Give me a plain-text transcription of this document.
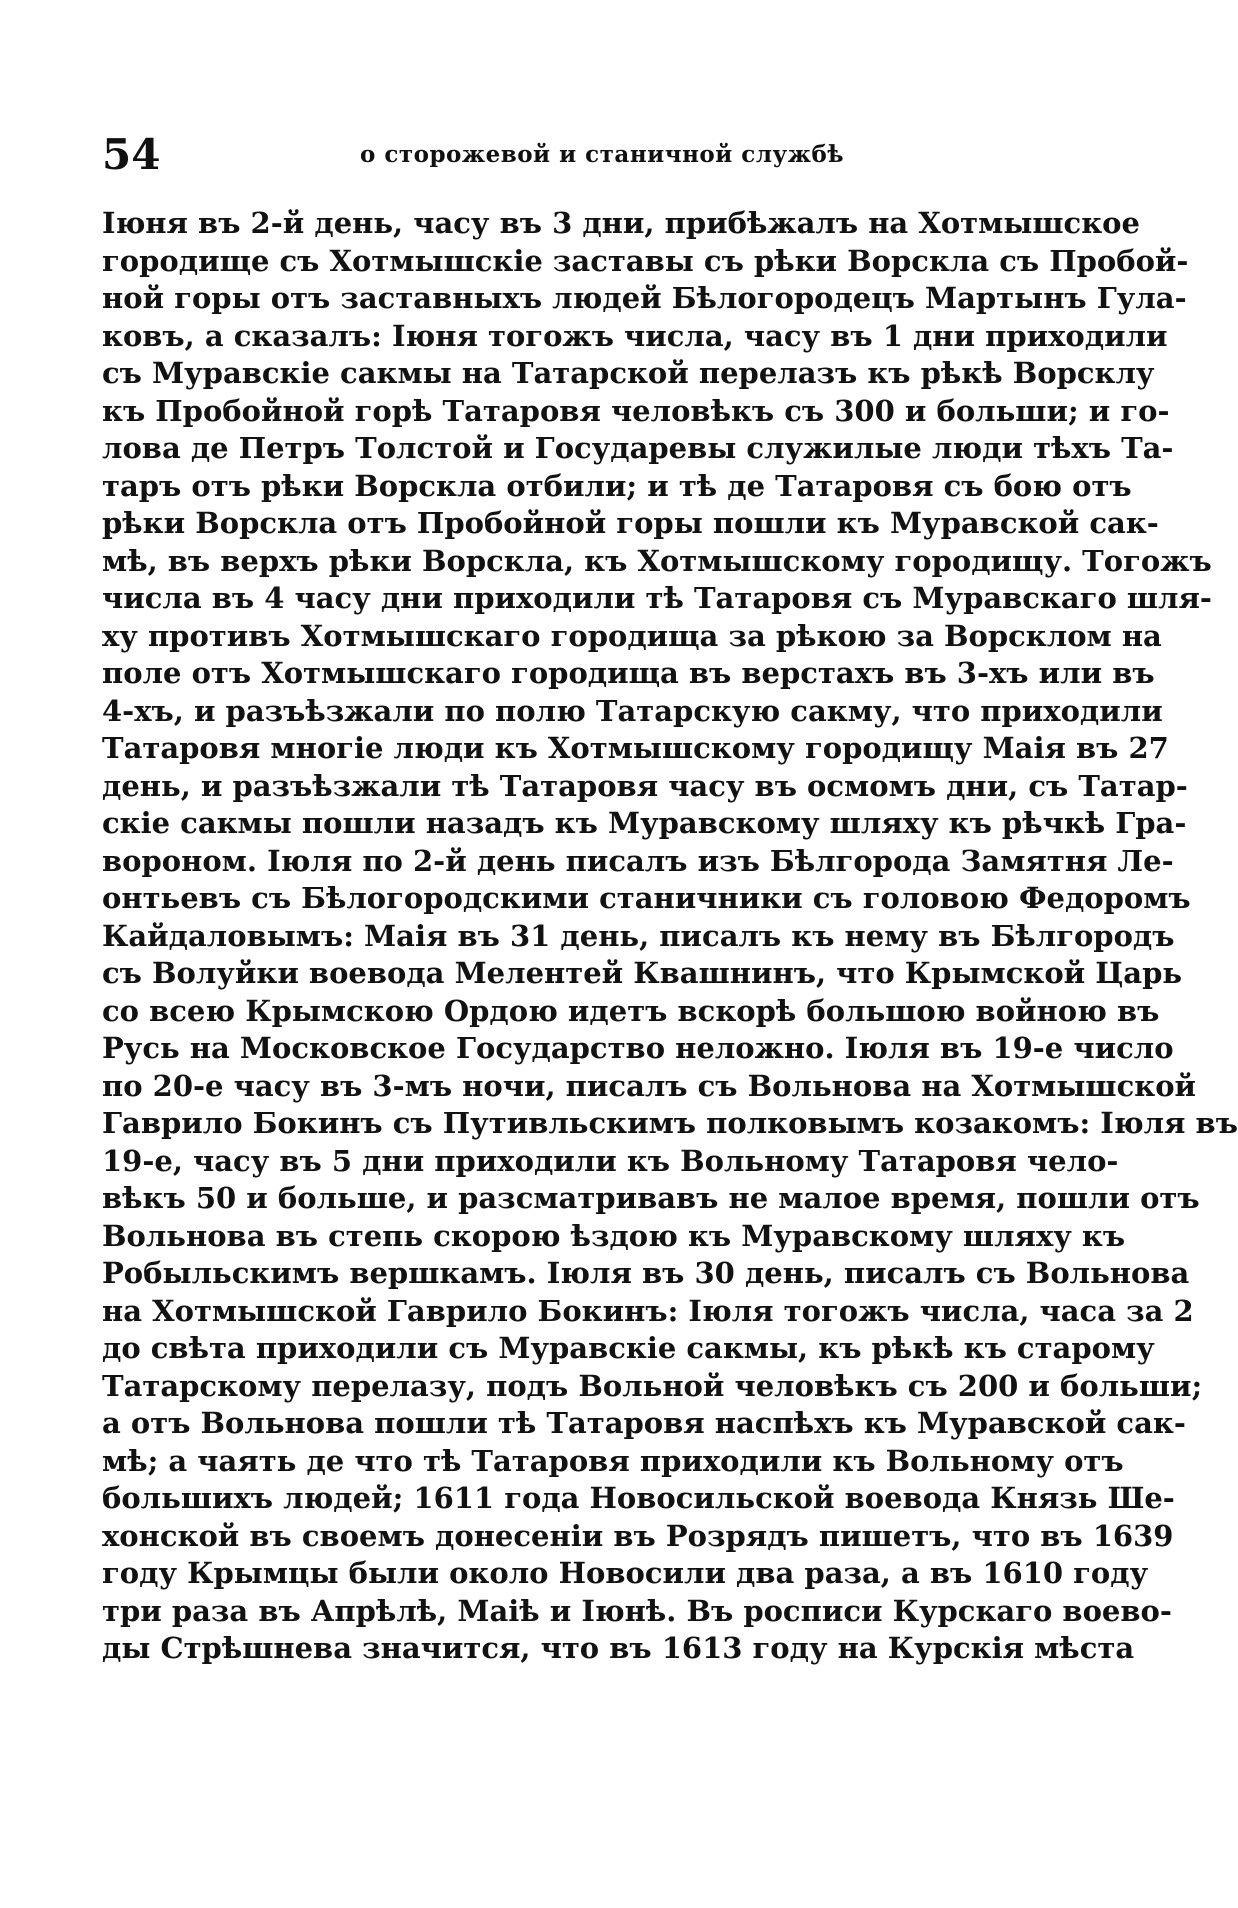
54	о сторожевой и станичной службѣ
Іюня въ 2-й день, часу въ 3 дни, прибѣжалъ на Хотмышское
городище съ Хотмышскіе заставы съ рѣки Ворскла съ Пробой-
ной горы отъ заставныхъ людей Бѣлогородецъ Мартынъ Гула-
ковъ, а сказалъ: Іюня тогожъ числа, часу въ 1 дни приходили
съ Муравскіе сакмы на Татарской перелазъ къ рѣкѣ Ворсклу
къ Пробойной горѣ Татаровя человѣкъ съ 300 и больши; и го-
лова де Петръ Толстой и Государевы служилые люди тѣхъ Та-
таръ отъ рѣки Ворскла отбили; и тѣ де Татаровя съ бою отъ
рѣки Ворскла отъ Пробойной горы пошли къ Муравской сак-
мѣ, въ верхъ рѣки Ворскла, къ Хотмышскому городищу. Тогожъ
числа въ 4 часу дни приходили тѣ Татаровя съ Муравскаго шля-
ху противъ Хотмышскаго городища за рѣкою за Ворсклом на
поле отъ Хотмышскаго городища въ верстахъ въ 3-хъ или въ
4-хъ, и разъѣзжали по полю Татарскую сакму, что приходили
Татаровя многіе люди къ Хотмышскому городищу Маія въ 27
день, и разъѣзжали тѣ Татаровя часу въ осмомъ дни, съ Татар-
скіе сакмы пошли назадъ къ Муравскому шляху къ рѣчкѣ Гра-
вороном. Іюля по 2-й день писалъ изъ Бѣлгорода Замятня Ле-
онтьевъ съ Бѣлогородскими станичники съ головою Федоромъ
Кайдаловымъ: Маія въ 31 день, писалъ къ нему въ Бѣлгородъ
съ Волуйки воевода Мелентей Квашнинъ, что Крымской Царь
со всею Крымскою Ордою идетъ вскорѣ большою войною въ
Русь на Московское Государство неложно. Іюля въ 19-е число
по 20-е часу въ 3-мъ ночи, писалъ съ Вольнова на Хотмышской
Гаврило Бокинъ съ Путивльскимъ полковымъ козакомъ: Іюля въ
19-е, часу въ 5 дни приходили къ Вольному Татаровя чело-
вѣкъ 50 и больше, и разсматривавъ не малое время, пошли отъ
Вольнова въ степь скорою ѣздою къ Муравскому шляху къ
Робыльскимъ вершкамъ. Іюля въ 30 день, писалъ съ Вольнова
на Хотмышской Гаврило Бокинъ: Іюля тогожъ числа, часа за 2
до свѣта приходили съ Муравскіе сакмы, къ рѣкѣ къ старому
Татарскому перелазу, подъ Вольной человѣкъ съ 200 и больши;
а отъ Вольнова пошли тѣ Татаровя наспѣхъ къ Муравской сак-
мѣ; а чаять де что тѣ Татаровя приходили къ Вольному отъ
большихъ людей; 1611 года Новосильской воевода Князь Ше-
хонской въ своемъ донесеніи въ Розрядъ пишетъ, что въ 1639
году Крымцы были около Новосили два раза, а въ 1610 году
три раза въ Апрѣлѣ, Маіѣ и Іюнѣ. Въ росписи Курскаго воево-
ды Стрѣшнева значится, что въ 1613 году на Курскія мѣста
